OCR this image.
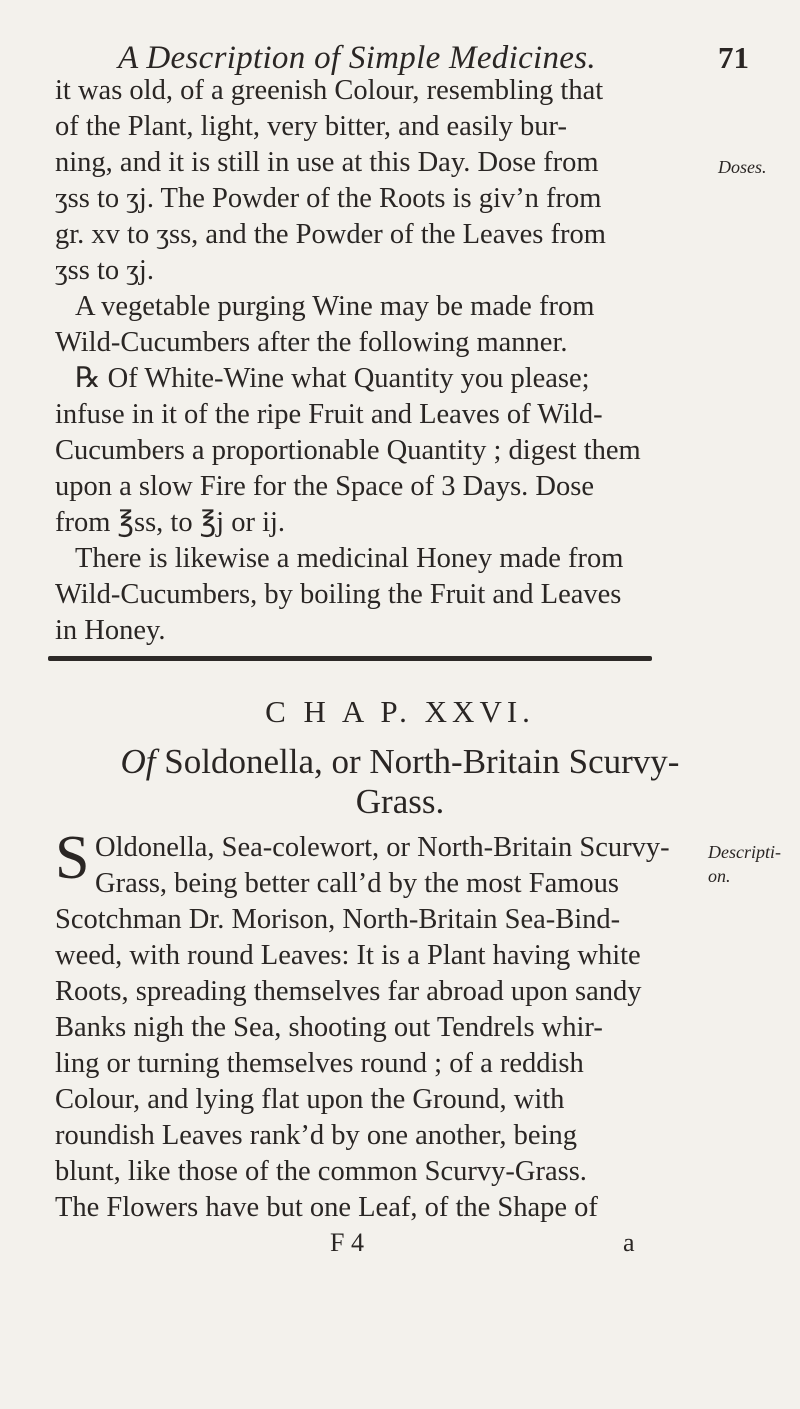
A Description of Simple Medicines.	71
it was old, of a greenish Colour, resembling that
of the Plant, light, very bitter, and easily bur-
ning, and it is still in use at this Day. Dose from
ʒss to ʒj. The Powder of the Roots is giv’n from
gr. xv to ʒss, and the Powder of the Leaves from
ʒss to ʒj.
A vegetable purging Wine may be made from
Wild-Cucumbers after the following manner.
℞ Of White-Wine what Quantity you please;
infuse in it of the ripe Fruit and Leaves of Wild-
Cucumbers a proportionable Quantity ; digest them
upon a slow Fire for the Space of 3 Days. Dose
from ℥ss, to ℥j or ij.
There is likewise a medicinal Honey made from
Wild-Cucumbers, by boiling the Fruit and Leaves
in Honey.
Doses.
C H A P. XXVI.
Of Soldonella, or North-Britain Scurvy-
Grass.
S Oldonella, Sea-colewort, or North-Britain Scurvy-
Grass, being better call’d by the most Famous
Scotchman Dr. Morison, North-Britain Sea-Bind-
weed, with round Leaves: It is a Plant having white
Roots, spreading themselves far abroad upon sandy
Banks nigh the Sea, shooting out Tendrels whir-
ling or turning themselves round ; of a reddish
Colour, and lying flat upon the Ground, with
roundish Leaves rank’d by one another, being
blunt, like those of the common Scurvy-Grass.
The Flowers have but one Leaf, of the Shape of
Descripti-on.
F 4	a
